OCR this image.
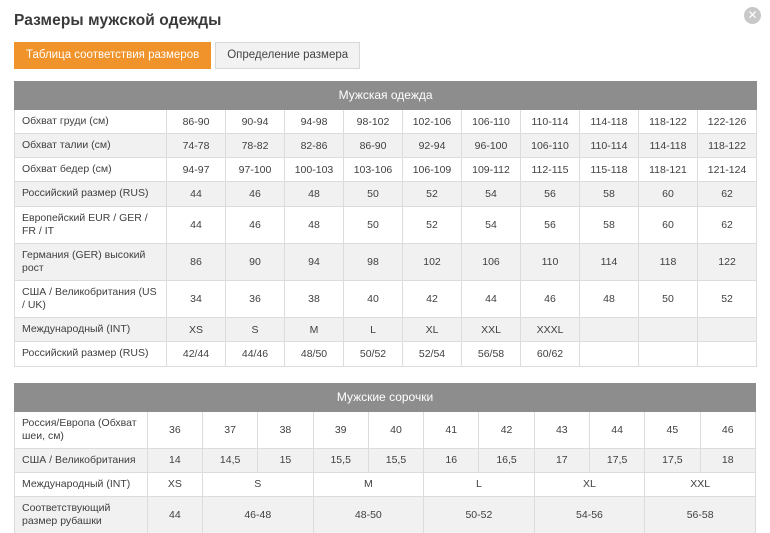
✕
Размеры мужской одежды
Таблица соответствия размеров	Определение размера
Мужская одежда										
Обхват груди (см)	86-90	90-94	94-98	98-102	102-106	106-110	110-114	114-118	118-122	122-126
Обхват талии (см)	74-78	78-82	82-86	86-90	92-94	96-100	106-110	110-114	114-118	118-122
Обхват бедер (см)	94-97	97-100	100-103	103-106	106-109	109-112	112-115	115-118	118-121	121-124
Российский размер (RUS)	44	46	48	50	52	54	56	58	60	62
Европейский EUR / GER / FR / IT	44	46	48	50	52	54	56	58	60	62
Германия (GER) высокий рост	86	90	94	98	102	106	110	114	118	122
США / Великобритания (US / UK)	34	36	38	40	42	44	46	48	50	52
Международный (INT)	XS	S	M	L	XL	XXL	XXXL			
Российский размер (RUS)	42/44	44/46	48/50	50/52	52/54	56/58	60/62			
Мужские сорочки											
Россия/Европа (Обхват шеи, см)	36	37	38	39	40	41	42	43	44	45	46
США / Великобритания	14	14,5	15	15,5	15,5	16	16,5	17	17,5	17,5	18
Международный (INT)	XS	S		M		L		XL		XXL	
Соответствующий размер рубашки	44	46-48		48-50		50-52		54-56		56-58	
